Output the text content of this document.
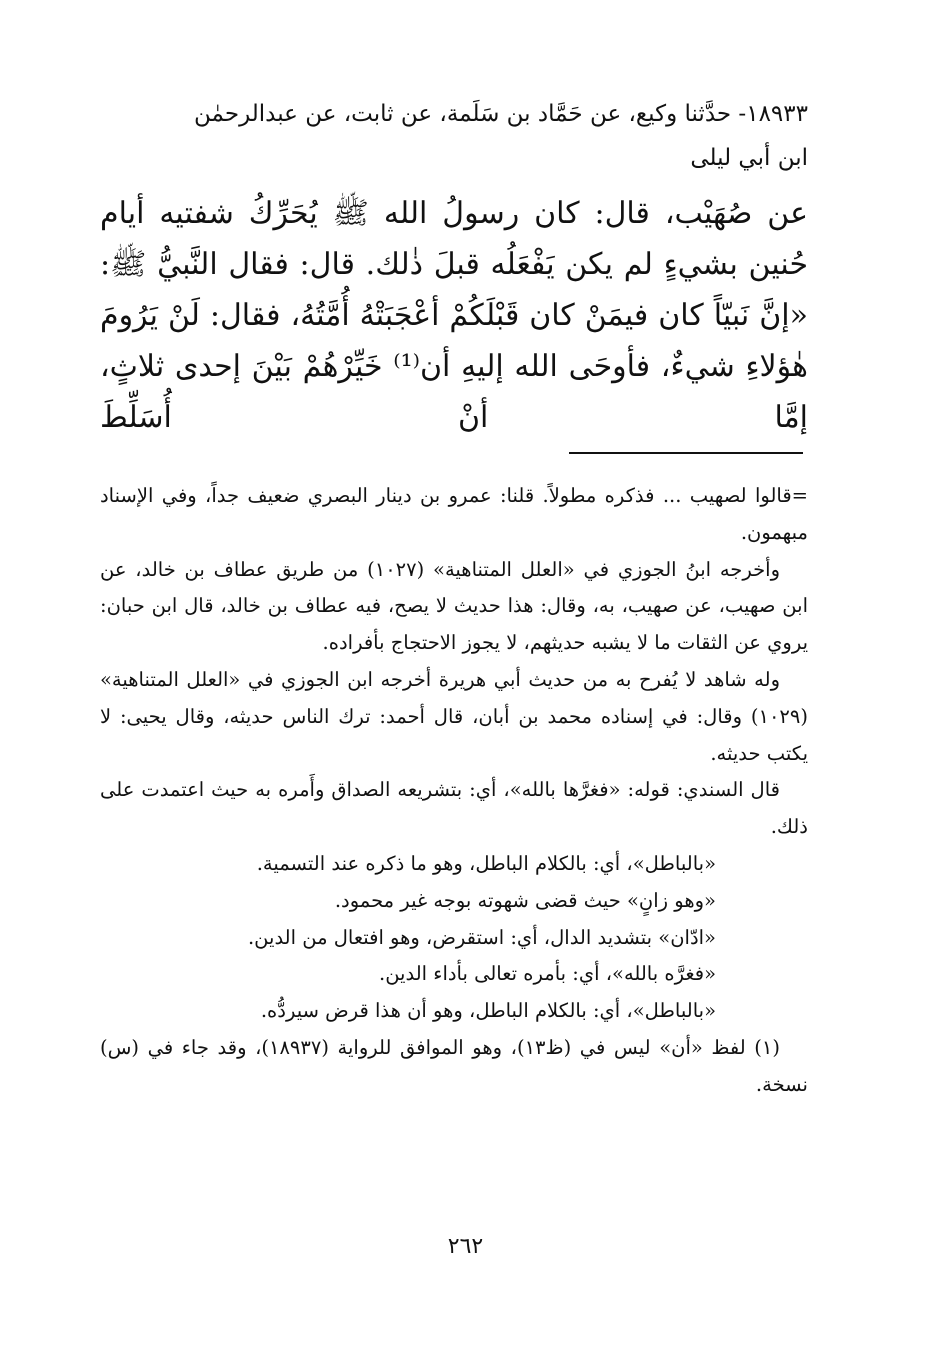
١٨٩٣٣- حدَّثنا وكيع، عن حَمَّاد بن سَلَمة، عن ثابت، عن عبدالرحمٰن
ابن أبي ليلى
عن صُهَيْب، قال: كان رسولُ الله ﷺ يُحَرِّكُ شفتيه أيام حُنين بشيءٍ لم يكن يَفْعَلُه قبلَ ذٰلك. قال: فقال النَّبيُّ ﷺ: «إنَّ نَبيّاً كان فيمَنْ كان قَبْلَكُمْ أعْجَبَتْهُ أُمَّتُهُ، فقال: لَنْ يَرُومَ هٰؤلاءِ شيءٌ، فأوحَى الله إليهِ أن⁽¹⁾ خَيِّرْهُمْ بَيْنَ إحدى ثلاثٍ، إمَّا أنْ أُسَلِّطَ

=قالوا لصهيب ... فذكره مطولاً. قلنا: عمرو بن دينار البصري ضعيف جداً، وفي الإسناد مبهمون.

وأخرجه ابنُ الجوزي في «العلل المتناهية» (١٠٢٧) من طريق عطاف بن خالد، عن ابن صهيب، عن صهيب، به، وقال: هذا حديث لا يصح، فيه عطاف بن خالد، قال ابن حبان: يروي عن الثقات ما لا يشبه حديثهم، لا يجوز الاحتجاج بأفراده.

وله شاهد لا يُفرح به من حديث أبي هريرة أخرجه ابن الجوزي في «العلل المتناهية» (١٠٢٩) وقال: في إسناده محمد بن أبان، قال أحمد: ترك الناس حديثه، وقال يحيى: لا يكتب حديثه.

قال السندي: قوله: «فغرَّها بالله»، أي: بتشريعه الصداق وأَمره به حيث اعتمدت على ذلك.

«بالباطل»، أي: بالكلام الباطل، وهو ما ذكره عند التسمية.

«وهو زانٍ» حيث قضى شهوته بوجه غير محمود.

«ادّان» بتشديد الدال، أي: استقرض، وهو افتعال من الدين.

«فغرَّه بالله»، أي: بأمره تعالى بأداء الدين.

«بالباطل»، أي: بالكلام الباطل، وهو أن هذا قرض سيردُّه.

(١) لفظ «أن» ليس في (ظ١٣)، وهو الموافق للرواية (١٨٩٣٧)، وقد جاء في (س) نسخة.

٢٦٢
